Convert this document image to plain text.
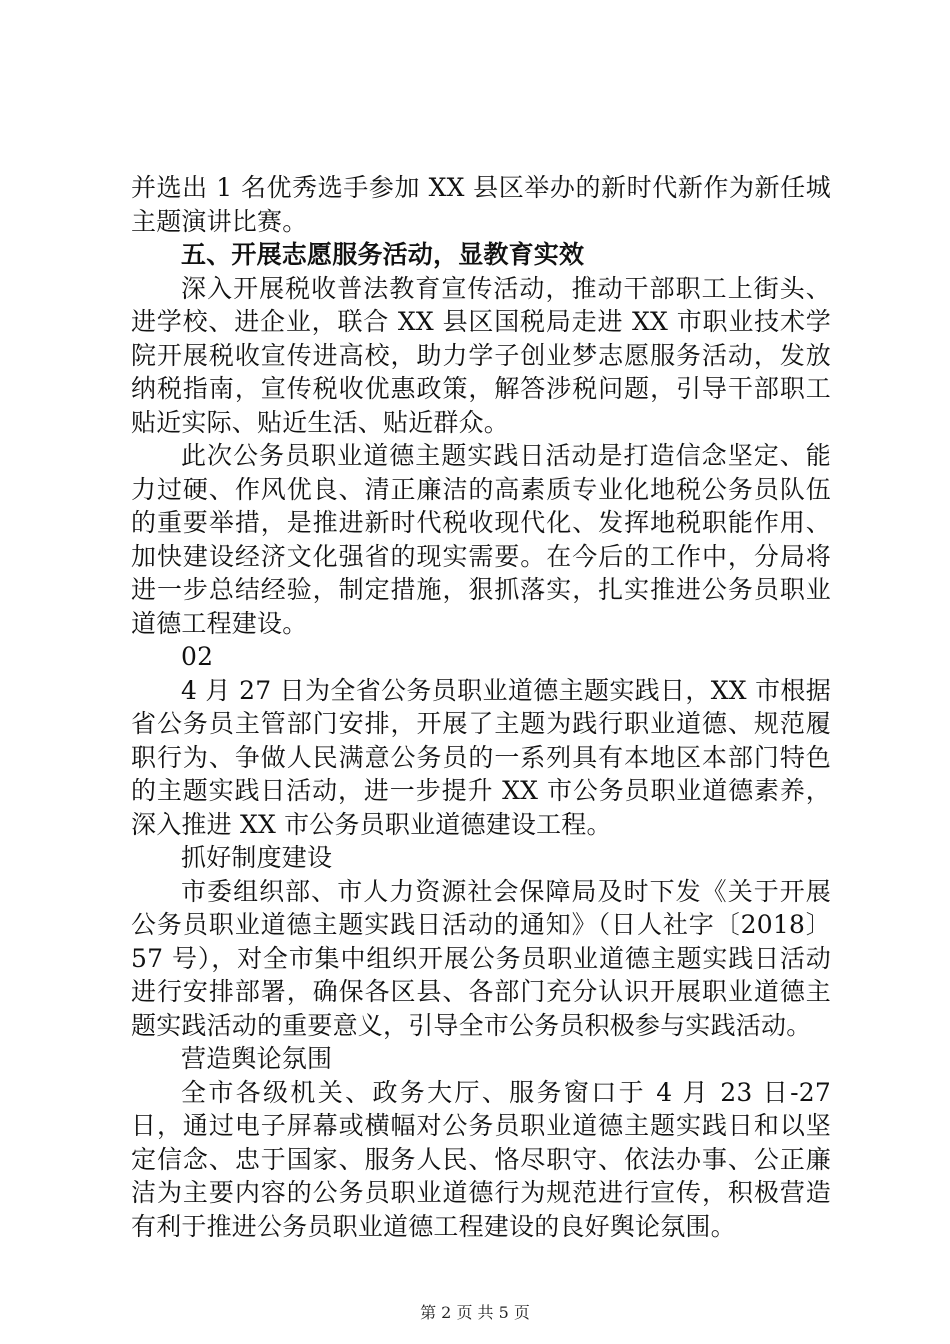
并选出 1 名优秀选手参加 XX 县区举办的新时代新作为新任城主题演讲比赛。

五、开展志愿服务活动，显教育实效

深入开展税收普法教育宣传活动，推动干部职工上街头、进学校、进企业，联合 XX 县区国税局走进 XX 市职业技术学院开展税收宣传进高校，助力学子创业梦志愿服务活动，发放纳税指南，宣传税收优惠政策，解答涉税问题，引导干部职工贴近实际、贴近生活、贴近群众。

此次公务员职业道德主题实践日活动是打造信念坚定、能力过硬、作风优良、清正廉洁的高素质专业化地税公务员队伍的重要举措，是推进新时代税收现代化、发挥地税职能作用、加快建设经济文化强省的现实需要。在今后的工作中，分局将进一步总结经验，制定措施，狠抓落实，扎实推进公务员职业道德工程建设。

02

4 月 27 日为全省公务员职业道德主题实践日，XX 市根据省公务员主管部门安排，开展了主题为践行职业道德、规范履职行为、争做人民满意公务员的一系列具有本地区本部门特色的主题实践日活动，进一步提升 XX 市公务员职业道德素养，深入推进 XX 市公务员职业道德建设工程。

抓好制度建设

市委组织部、市人力资源社会保障局及时下发《关于开展公务员职业道德主题实践日活动的通知》（日人社字〔2018〕57 号），对全市集中组织开展公务员职业道德主题实践日活动进行安排部署，确保各区县、各部门充分认识开展职业道德主题实践活动的重要意义，引导全市公务员积极参与实践活动。

营造舆论氛围

全市各级机关、政务大厅、服务窗口于 4 月 23 日-27 日，通过电子屏幕或横幅对公务员职业道德主题实践日和以坚定信念、忠于国家、服务人民、恪尽职守、依法办事、公正廉洁为主要内容的公务员职业道德行为规范进行宣传，积极营造有利于推进公务员职业道德工程建设的良好舆论氛围。

第 2 页 共 5 页
